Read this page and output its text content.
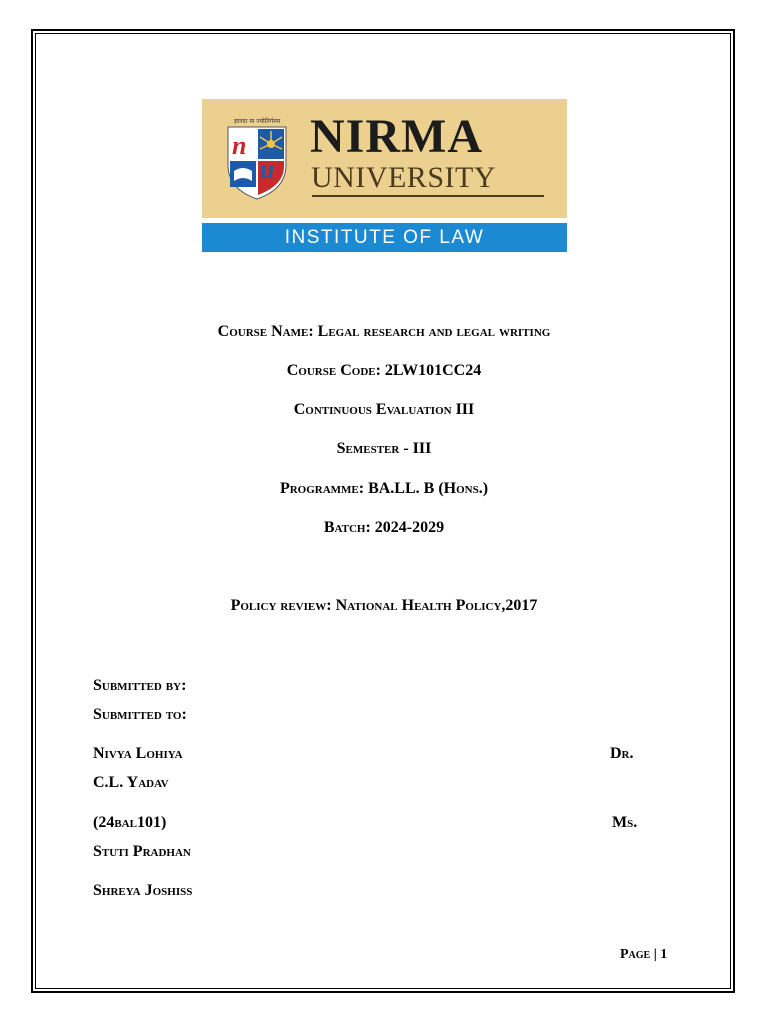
ज्ञानदा मा ज्योतिर्गमय
n
u
NIRMA
UNIVERSITY
INSTITUTE OF LAW
Course Name: Legal research and legal writing
Course Code: 2LW101CC24
Continuous Evaluation III
Semester - III
Programme: BA.LL. B (Hons.)
Batch: 2024-2029
Policy review: National Health Policy,2017
Submitted by:
Submitted to:
Nivya Lohiya	Dr.
C.L. Yadav
(24bal101)	Ms.
Stuti Pradhan
Shreya Joshiss
Page | 1
